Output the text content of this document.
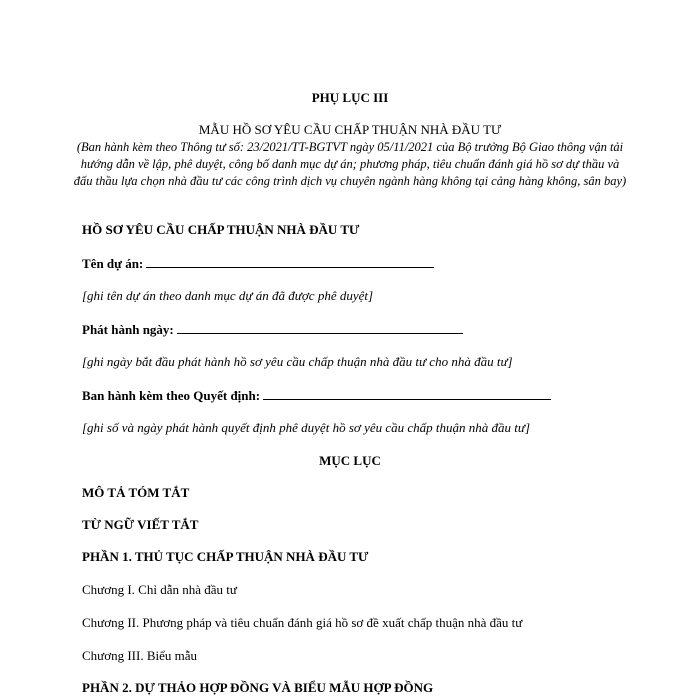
PHỤ LỤC III
MẪU HỒ SƠ YÊU CẦU CHẤP THUẬN NHÀ ĐẦU TƯ
(Ban hành kèm theo Thông tư số: 23/2021/TT-BGTVT ngày 05/11/2021 của Bộ trưởng Bộ Giao thông vận tải hướng dẫn về lập, phê duyệt, công bố danh mục dự án; phương pháp, tiêu chuẩn đánh giá hồ sơ dự thầu và đấu thầu lựa chọn nhà đầu tư các công trình dịch vụ chuyên ngành hàng không tại cảng hàng không, sân bay)
HỒ SƠ YÊU CẦU CHẤP THUẬN NHÀ ĐẦU TƯ
Tên dự án:
[ghi tên dự án theo danh mục dự án đã được phê duyệt]
Phát hành ngày:
[ghi ngày bắt đầu phát hành hồ sơ yêu cầu chấp thuận nhà đầu tư cho nhà đầu tư]
Ban hành kèm theo Quyết định:
[ghi số và ngày phát hành quyết định phê duyệt hồ sơ yêu cầu chấp thuận nhà đầu tư]
MỤC LỤC
MÔ TẢ TÓM TẮT
TỪ NGỮ VIẾT TẮT
PHẦN 1. THỦ TỤC CHẤP THUẬN NHÀ ĐẦU TƯ
Chương I. Chỉ dẫn nhà đầu tư
Chương II. Phương pháp và tiêu chuẩn đánh giá hồ sơ đề xuất chấp thuận nhà đầu tư
Chương III. Biểu mẫu
PHẦN 2. DỰ THẢO HỢP ĐỒNG VÀ BIỂU MẪU HỢP ĐỒNG
